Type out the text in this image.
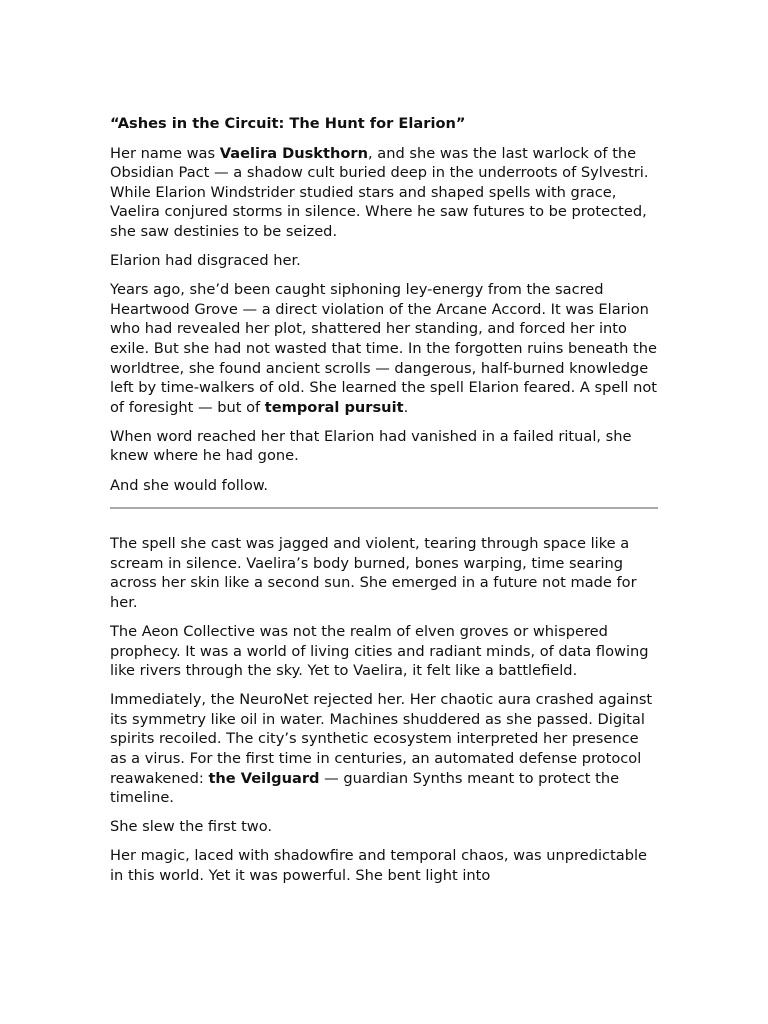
“Ashes in the Circuit: The Hunt for Elarion”

Her name was Vaelira Duskthorn, and she was the last warlock of the Obsidian Pact — a shadow cult buried deep in the underroots of Sylvestri. While Elarion Windstrider studied stars and shaped spells with grace, Vaelira conjured storms in silence. Where he saw futures to be protected, she saw destinies to be seized.

Elarion had disgraced her.

Years ago, she’d been caught siphoning ley-energy from the sacred Heartwood Grove — a direct violation of the Arcane Accord. It was Elarion who had revealed her plot, shattered her standing, and forced her into exile. But she had not wasted that time. In the forgotten ruins beneath the worldtree, she found ancient scrolls — dangerous, half-burned knowledge left by time-walkers of old. She learned the spell Elarion feared. A spell not of foresight — but of temporal pursuit.

When word reached her that Elarion had vanished in a failed ritual, she knew where he had gone.

And she would follow.

The spell she cast was jagged and violent, tearing through space like a scream in silence. Vaelira’s body burned, bones warping, time searing across her skin like a second sun. She emerged in a future not made for her.

The Aeon Collective was not the realm of elven groves or whispered prophecy. It was a world of living cities and radiant minds, of data flowing like rivers through the sky. Yet to Vaelira, it felt like a battlefield.

Immediately, the NeuroNet rejected her. Her chaotic aura crashed against its symmetry like oil in water. Machines shuddered as she passed. Digital spirits recoiled. The city’s synthetic ecosystem interpreted her presence as a virus. For the first time in centuries, an automated defense protocol reawakened: the Veilguard — guardian Synths meant to protect the timeline.

She slew the first two.

Her magic, laced with shadowfire and temporal chaos, was unpredictable in this world. Yet it was powerful. She bent light into
